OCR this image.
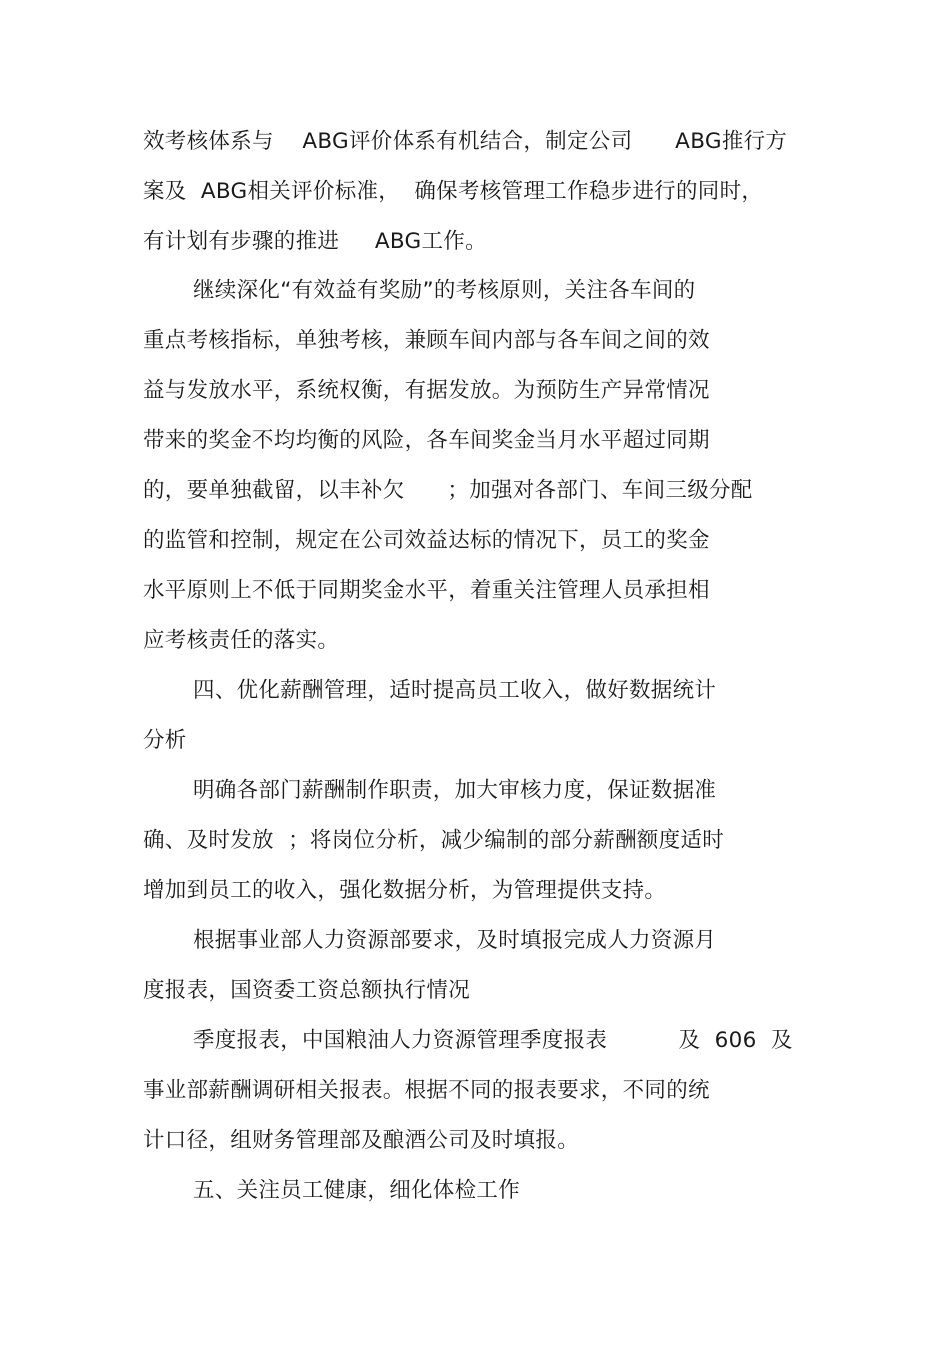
效考核体系与    ABG评价体系有机结合，制定公司      ABG推行方
案及  ABG相关评价标准，  确保考核管理工作稳步进行的同时，
有计划有步骤的推进     ABG工作。
继续深化“有效益有奖励”的考核原则，关注各车间的
重点考核指标，单独考核，兼顾车间内部与各车间之间的效
益与发放水平，系统权衡，有据发放。为预防生产异常情况
带来的奖金不均均衡的风险，各车间奖金当月水平超过同期
的，要单独截留，以丰补欠      ；加强对各部门、车间三级分配
的监管和控制，规定在公司效益达标的情况下，员工的奖金
水平原则上不低于同期奖金水平，着重关注管理人员承担相
应考核责任的落实。
四、优化薪酬管理，适时提高员工收入，做好数据统计
分析
明确各部门薪酬制作职责，加大审核力度，保证数据准
确、及时发放  ；将岗位分析，减少编制的部分薪酬额度适时
增加到员工的收入，强化数据分析，为管理提供支持。
根据事业部人力资源部要求，及时填报完成人力资源月
度报表，国资委工资总额执行情况
季度报表，中国粮油人力资源管理季度报表          及  606  及
事业部薪酬调研相关报表。根据不同的报表要求，不同的统
计口径，组财务管理部及酿酒公司及时填报。
五、关注员工健康，细化体检工作
